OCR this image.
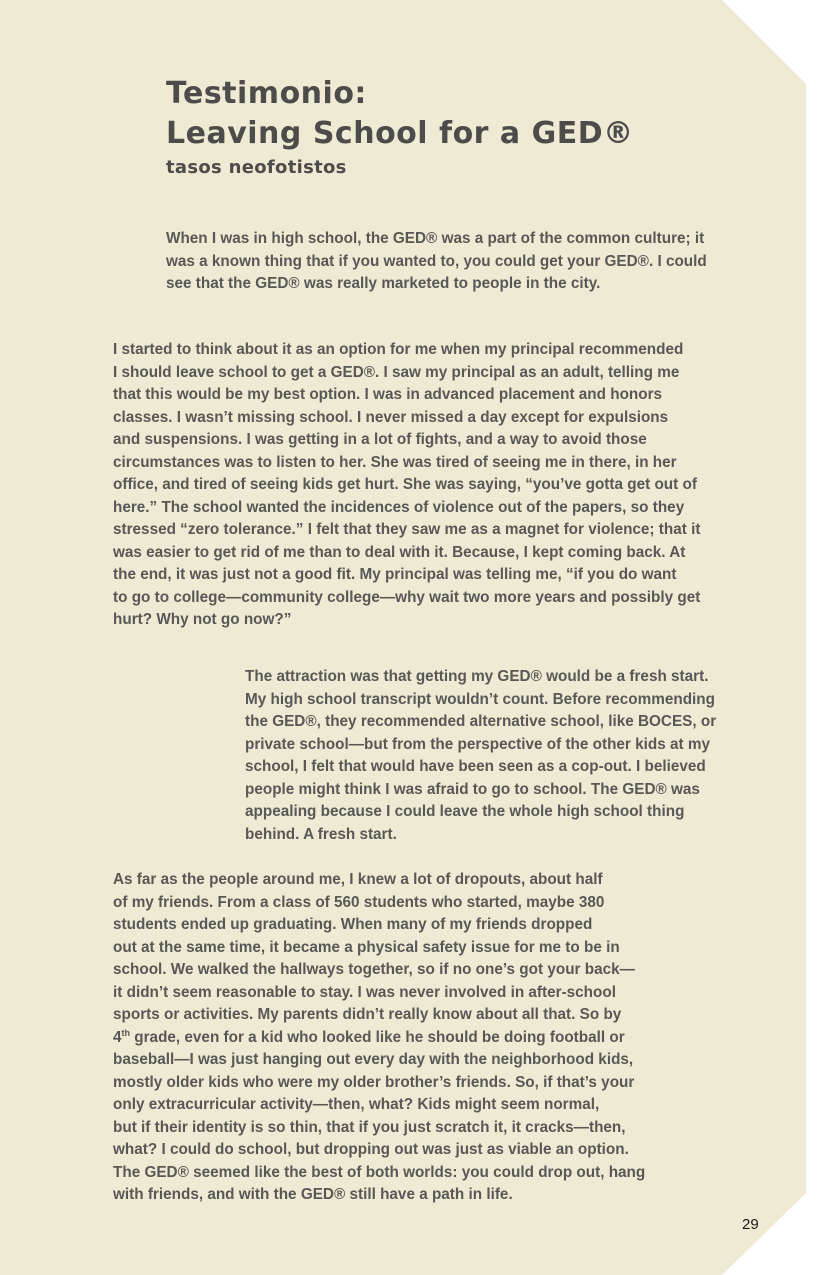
Testimonio:
Leaving School for a GED®
tasos neofotistos
When I was in high school, the GED® was a part of the common culture; it
was a known thing that if you wanted to, you could get your GED®. I could
see that the GED® was really marketed to people in the city.
I started to think about it as an option for me when my principal recommended
I should leave school to get a GED®. I saw my principal as an adult, telling me
that this would be my best option. I was in advanced placement and honors
classes. I wasn’t missing school. I never missed a day except for expulsions
and suspensions. I was getting in a lot of fights, and a way to avoid those
circumstances was to listen to her. She was tired of seeing me in there, in her
office, and tired of seeing kids get hurt. She was saying, “you’ve gotta get out of
here.” The school wanted the incidences of violence out of the papers, so they
stressed “zero tolerance.” I felt that they saw me as a magnet for violence; that it
was easier to get rid of me than to deal with it. Because, I kept coming back. At
the end, it was just not a good fit. My principal was telling me, “if you do want
to go to college—community college—why wait two more years and possibly get
hurt? Why not go now?”
The attraction was that getting my GED® would be a fresh start.
My high school transcript wouldn’t count. Before recommending
the GED®, they recommended alternative school, like BOCES, or
private school—but from the perspective of the other kids at my
school, I felt that would have been seen as a cop-out. I believed
people might think I was afraid to go to school. The GED® was
appealing because I could leave the whole high school thing
behind. A fresh start.
As far as the people around me, I knew a lot of dropouts, about half
of my friends. From a class of 560 students who started, maybe 380
students ended up graduating. When many of my friends dropped
out at the same time, it became a physical safety issue for me to be in
school. We walked the hallways together, so if no one’s got your back—
it didn’t seem reasonable to stay. I was never involved in after-school
sports or activities. My parents didn’t really know about all that. So by
4th grade, even for a kid who looked like he should be doing football or
baseball—I was just hanging out every day with the neighborhood kids,
mostly older kids who were my older brother’s friends. So, if that’s your
only extracurricular activity—then, what? Kids might seem normal,
but if their identity is so thin, that if you just scratch it, it cracks—then,
what? I could do school, but dropping out was just as viable an option.
The GED® seemed like the best of both worlds: you could drop out, hang
with friends, and with the GED® still have a path in life.
29
